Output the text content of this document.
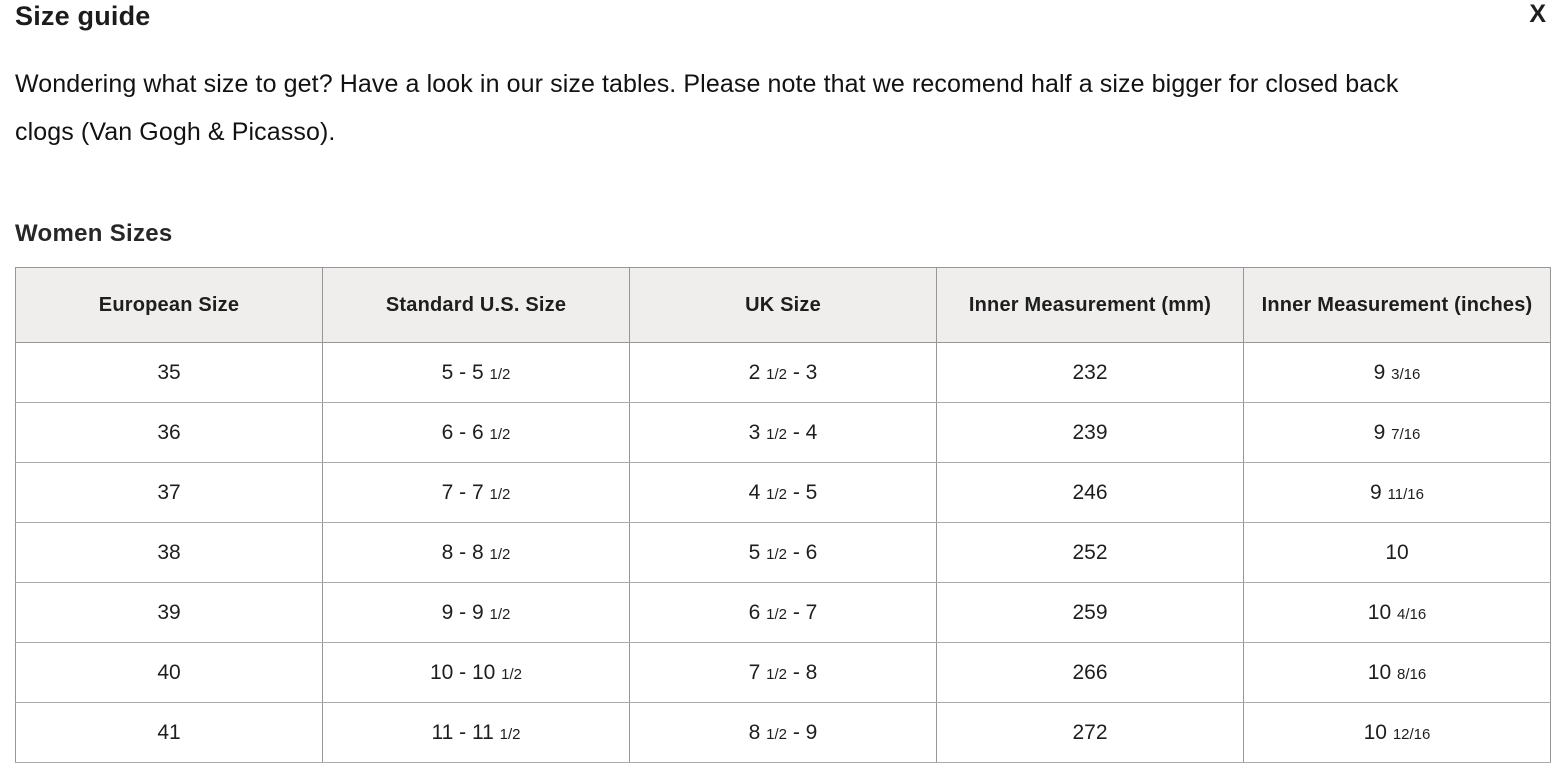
Size guide	X
Wondering what size to get? Have a look in our size tables. Please note that we recomend half a size bigger for closed back
clogs (Van Gogh & Picasso).
Women Sizes
European Size	Standard U.S. Size	UK Size	Inner Measurement (mm)	Inner Measurement (inches)
35	5 - 5 1/2	2 1/2 - 3	232	9 3/16
36	6 - 6 1/2	3 1/2 - 4	239	9 7/16
37	7 - 7 1/2	4 1/2 - 5	246	9 11/16
38	8 - 8 1/2	5 1/2 - 6	252	10
39	9 - 9 1/2	6 1/2 - 7	259	10 4/16
40	10 - 10 1/2	7 1/2 - 8	266	10 8/16
41	11 - 11 1/2	8 1/2 - 9	272	10 12/16
